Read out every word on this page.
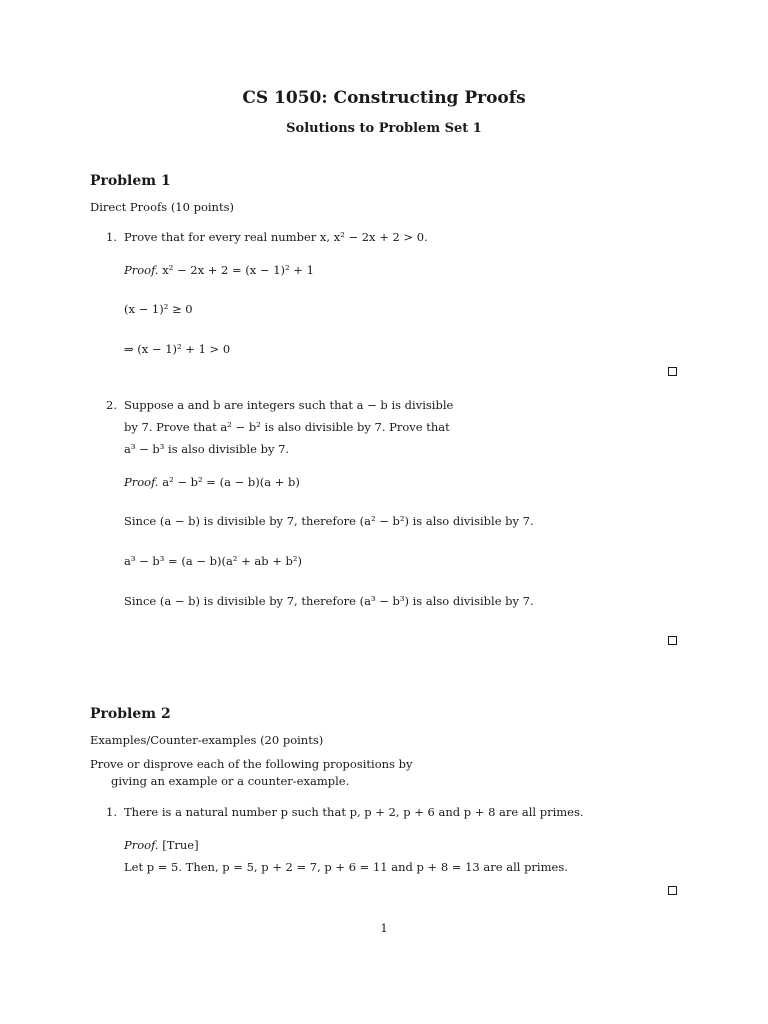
CS 1050: Constructing Proofs
Solutions to Problem Set 1
Problem 1
Direct Proofs (10 points)
1. Prove that for every real number x, x² − 2x + 2 > 0.
Proof. x² − 2x + 2 = (x − 1)² + 1
(x − 1)² ≥ 0
⇒ (x − 1)² + 1 > 0
2. Suppose a and b are integers such that a − b is divisible
by 7. Prove that a² − b² is also divisible by 7. Prove that
a³ − b³ is also divisible by 7.
Proof. a² − b² = (a − b)(a + b)
Since (a − b) is divisible by 7, therefore (a² − b²) is also divisible by 7.
a³ − b³ = (a − b)(a² + ab + b²)
Since (a − b) is divisible by 7, therefore (a³ − b³) is also divisible by 7.
Problem 2
Examples/Counter-examples (20 points)
Prove or disprove each of the following propositions by
giving an example or a counter-example.
1. There is a natural number p such that p, p + 2, p + 6 and p + 8 are all primes.
Proof. [True]
Let p = 5. Then, p = 5, p + 2 = 7, p + 6 = 11 and p + 8 = 13 are all primes.
1
